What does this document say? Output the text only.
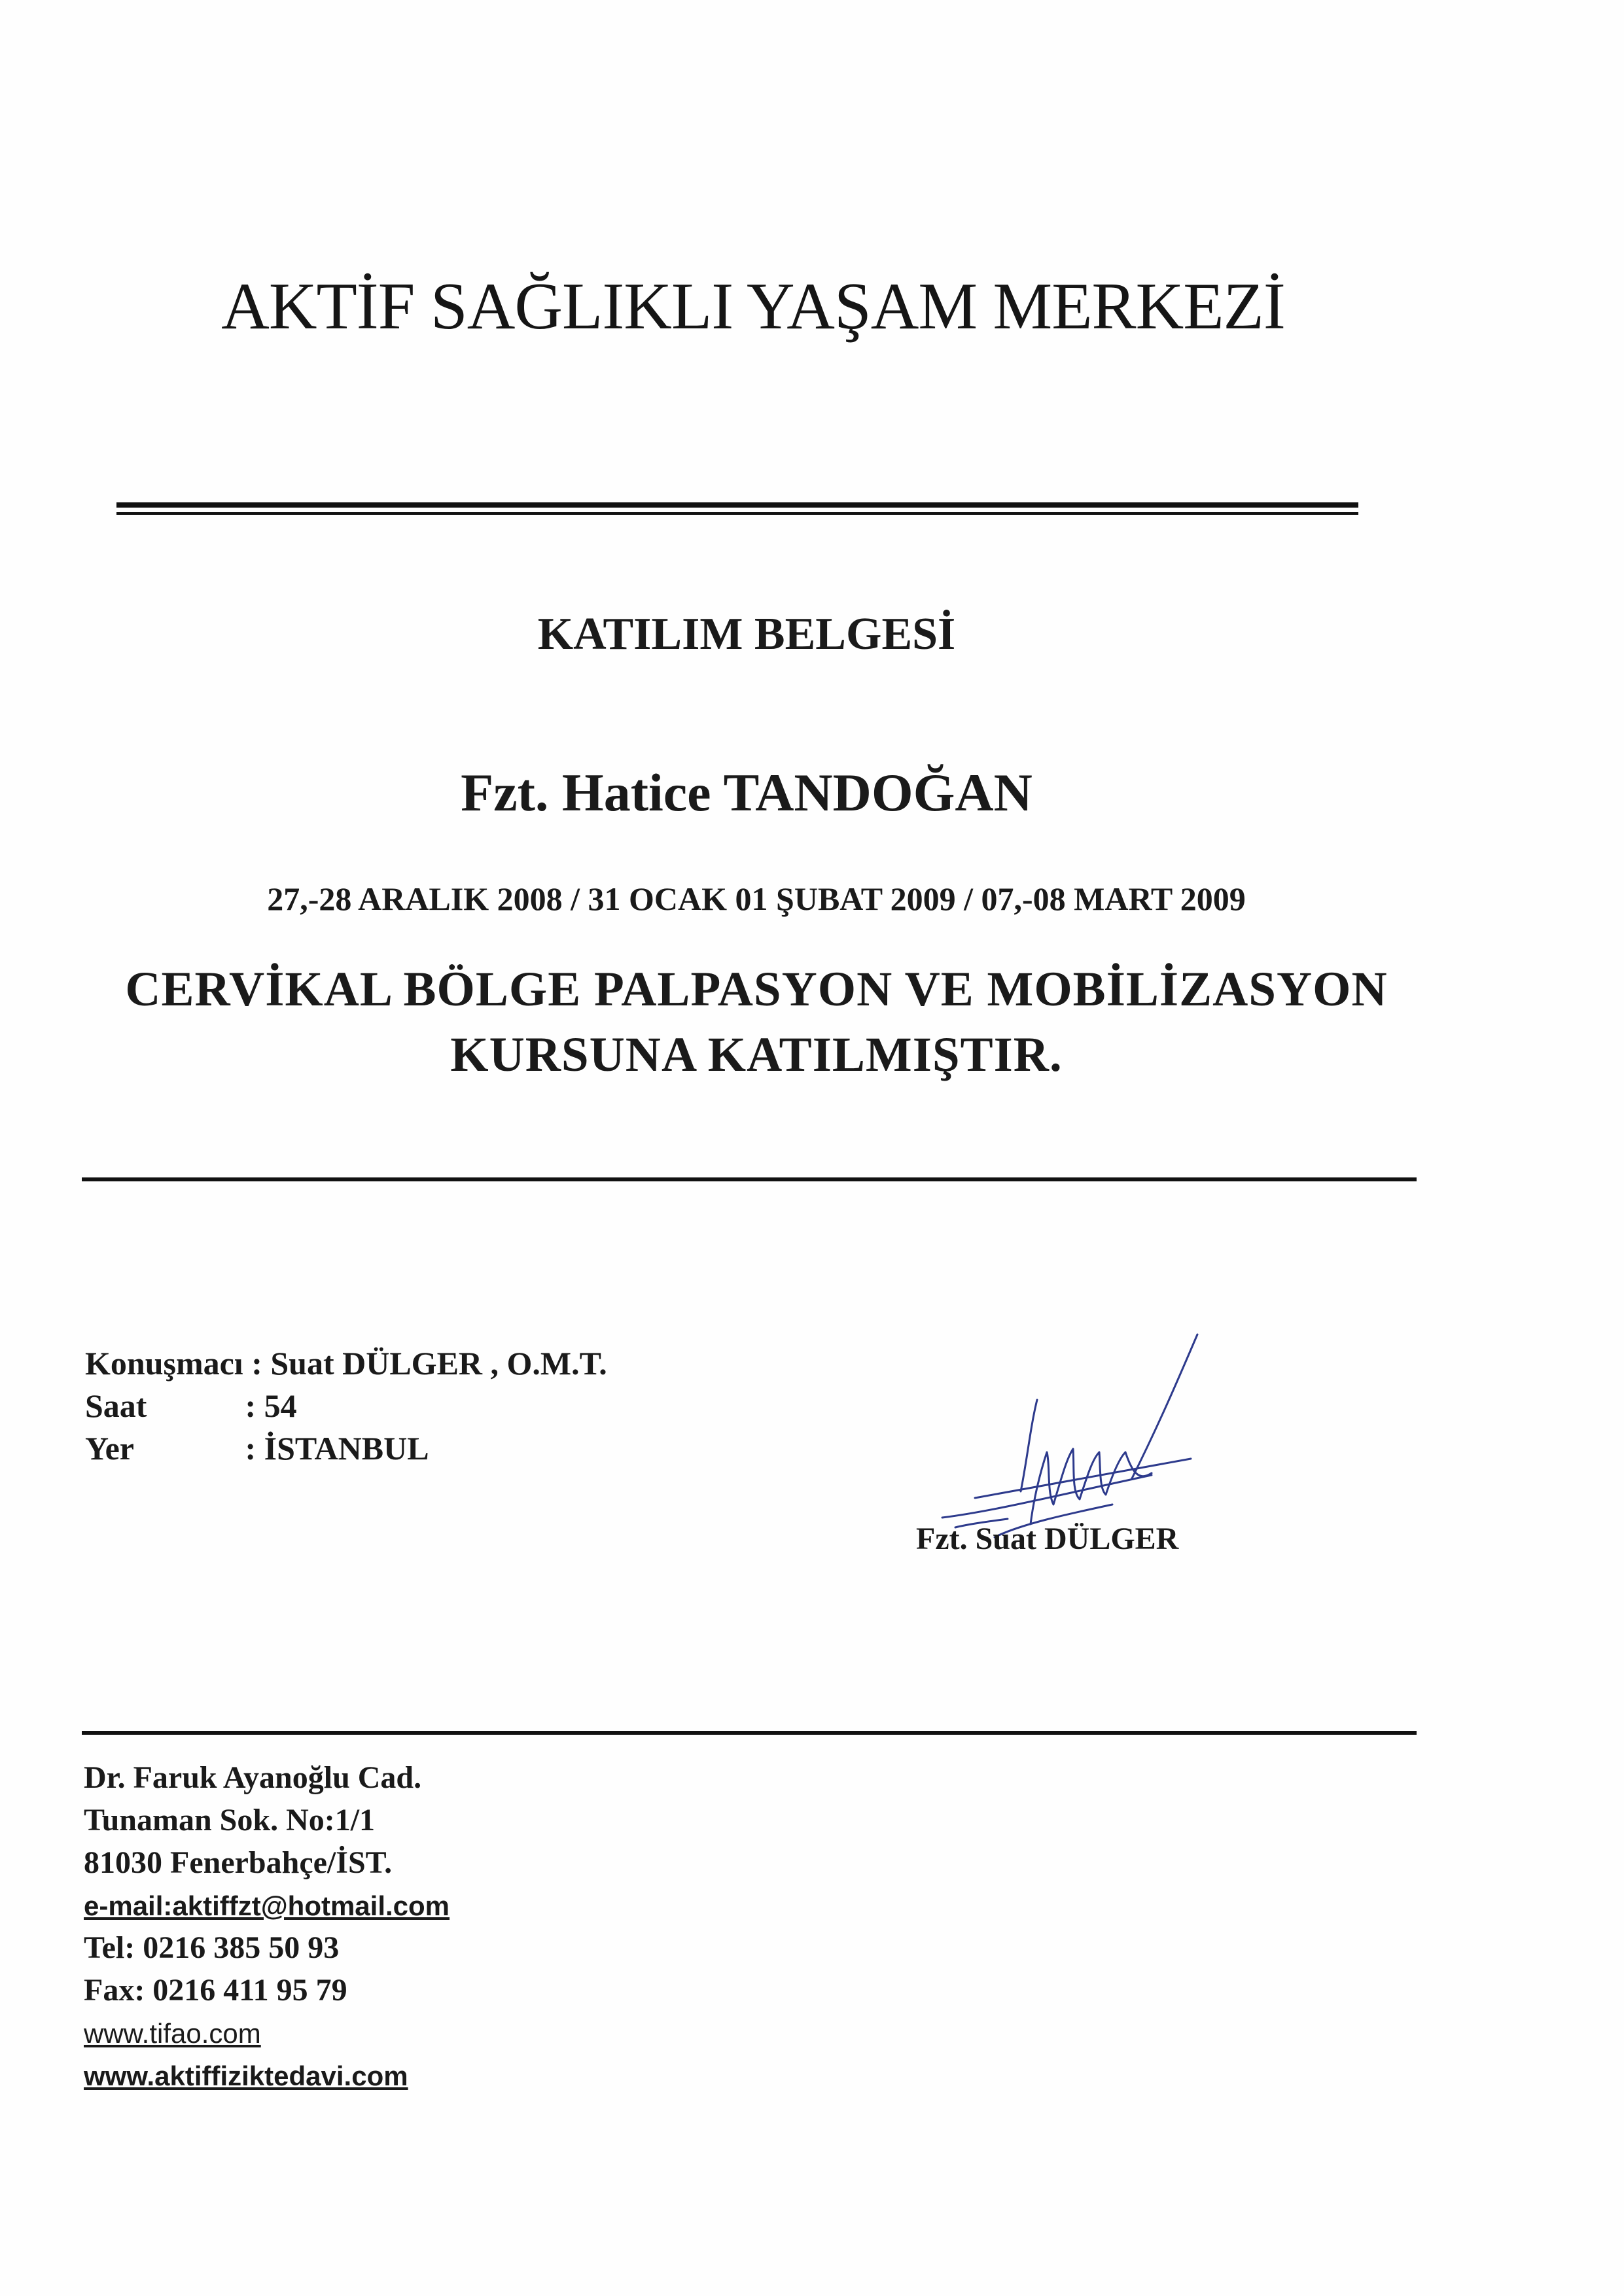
AKTİF SAĞLIKLI YAŞAM MERKEZİ
KATILIM BELGESİ
Fzt. Hatice TANDOĞAN
27,-28 ARALIK 2008 / 31 OCAK 01 ŞUBAT 2009 / 07,-08 MART 2009
CERVİKAL BÖLGE PALPASYON VE MOBİLİZASYON
KURSUNA KATILMIŞTIR.
Konuşmacı : Suat DÜLGER , O.M.T.
Saat	: 54
Yer	: İSTANBUL
Fzt. Suat DÜLGER
Dr. Faruk Ayanoğlu Cad.
Tunaman Sok. No:1/1
81030 Fenerbahçe/İST.
e-mail:aktiffzt@hotmail.com
Tel: 0216 385 50 93
Fax: 0216 411 95 79
www.tifao.com
www.aktiffiziktedavi.com
